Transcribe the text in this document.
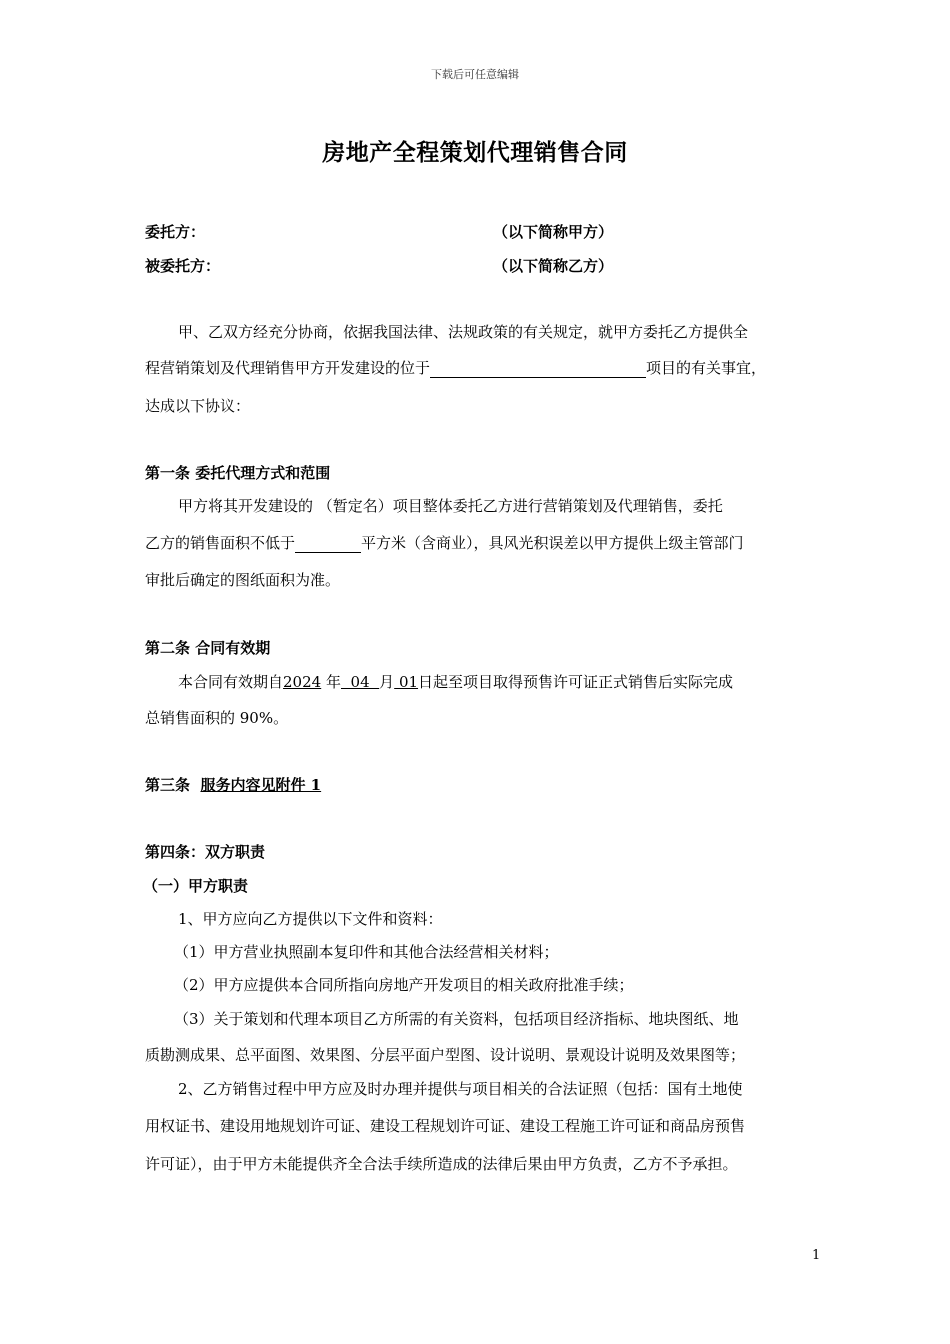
下载后可任意编辑
房地产全程策划代理销售合同
委托方：	（以下简称甲方）
被委托方：	（以下简称乙方）
甲、乙双方经充分协商，依据我国法律、法规政策的有关规定，就甲方委托乙方提供全
程营销策划及代理销售甲方开发建设的位于	项目的有关事宜，
达成以下协议：
第一条 委托代理方式和范围
甲方将其开发建设的 （暂定名）项目整体委托乙方进行营销策划及代理销售，委托
乙方的销售面积不低于	平方米（含商业），具风光积误差以甲方提供上级主管部门
审批后确定的图纸面积为准。
第二条 合同有效期
本合同有效期自2024 年  04  月 01日起至项目取得预售许可证正式销售后实际完成
总销售面积的 90%。
第三条  服务内容见附件 1
第四条：双方职责
（一）甲方职责
1、甲方应向乙方提供以下文件和资料：
（1）甲方营业执照副本复印件和其他合法经营相关材料；
（2）甲方应提供本合同所指向房地产开发项目的相关政府批准手续；
（3）关于策划和代理本项目乙方所需的有关资料，包括项目经济指标、地块图纸、地
质勘测成果、总平面图、效果图、分层平面户型图、设计说明、景观设计说明及效果图等；
2、乙方销售过程中甲方应及时办理并提供与项目相关的合法证照（包括：国有土地使
用权证书、建设用地规划许可证、建设工程规划许可证、建设工程施工许可证和商品房预售
许可证），由于甲方未能提供齐全合法手续所造成的法律后果由甲方负责，乙方不予承担。
1
